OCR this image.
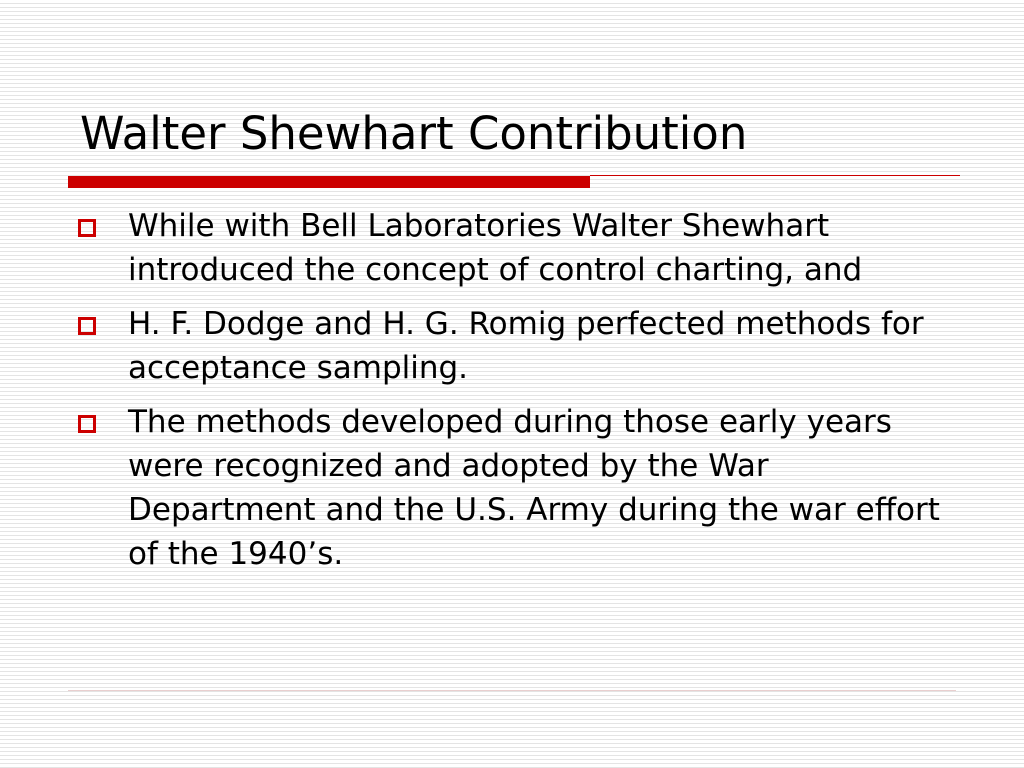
Walter Shewhart Contribution
While with Bell Laboratories Walter Shewhart introduced the concept of control charting, and
H. F. Dodge and H. G. Romig perfected methods for acceptance sampling.
The methods developed during those early years were recognized and adopted by the War Department and the U.S. Army during the war effort of the 1940’s.
